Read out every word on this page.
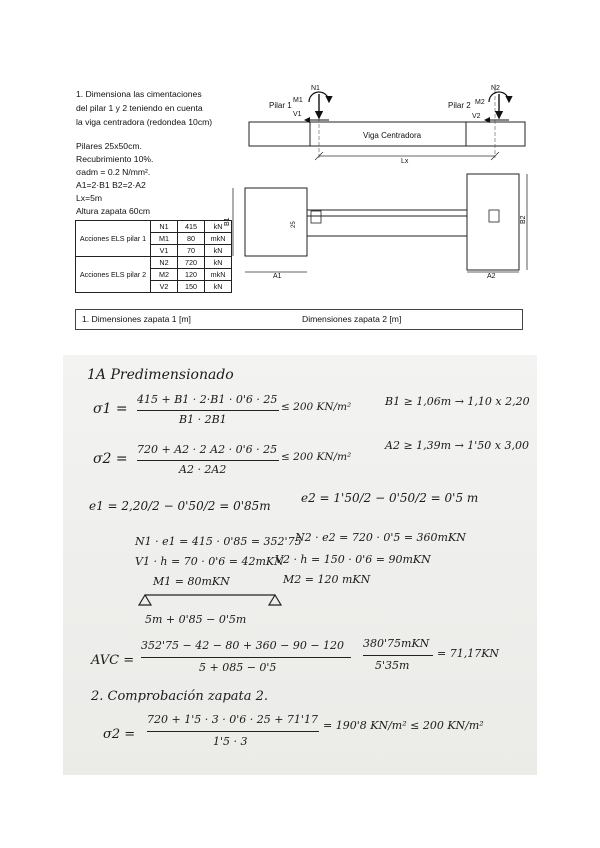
1. Dimensiona las cimentaciones
del pilar 1 y 2 teniendo en cuenta
la viga centradora (redondea 10cm)
Pilares 25x50cm.
Recubrimiento 10%.
σadm = 0.2 N/mm².
A1=2·B1 B2=2·A2
Lx=5m
Altura zapata 60cm
Acciones ELS pilar 1	N1	415	kN
	M1	80	mkN
	V1	70	kN
Acciones ELS pilar 2	N2	720	kN
	M2	120	mkN
	V2	150	kN
1. Dimensiones zapata 1 [m]	Dimensiones zapata 2 [m]
Viga Centradora
Pilar 1
M1
N1
V1
Pilar 2 M2
N2
V2
Lx
25
B1	B2
A1	A2
1A Predimensionado
σ1 =
415 + B1 · 2·B1 · 0'6 · 25
B1 · 2B1
≤ 200 KN/m²	B1 ≥ 1,06m → 1,10 x 2,20
σ2 =
720 + A2 · 2 A2 · 0'6 · 25
A2 · 2A2
≤ 200 KN/m²
A2 ≥ 1,39m → 1'50 x 3,00
e1 = 2,20/2 − 0'50/2 = 0'85m
e2 = 1'50/2 − 0'50/2 = 0'5 m
N1 · e1 = 415 · 0'85 = 352'75
N2 · e2 = 720 · 0'5 = 360mKN
V1 · h = 70 · 0'6 = 42mKN
V2 · h = 150 · 0'6 = 90mKN
M1 = 80mKN	M2 = 120 mKN
5m + 0'85 − 0'5m
AVC =
352'75 − 42 − 80 + 360 − 90 − 120
5 + 085 − 0'5
380'75mKN
5'35m
= 71,17KN
2. Comprobación zapata 2.
σ2 =
720 + 1'5 · 3 · 0'6 · 25 + 71'17
1'5 · 3
= 190'8 KN/m² ≤ 200 KN/m²
